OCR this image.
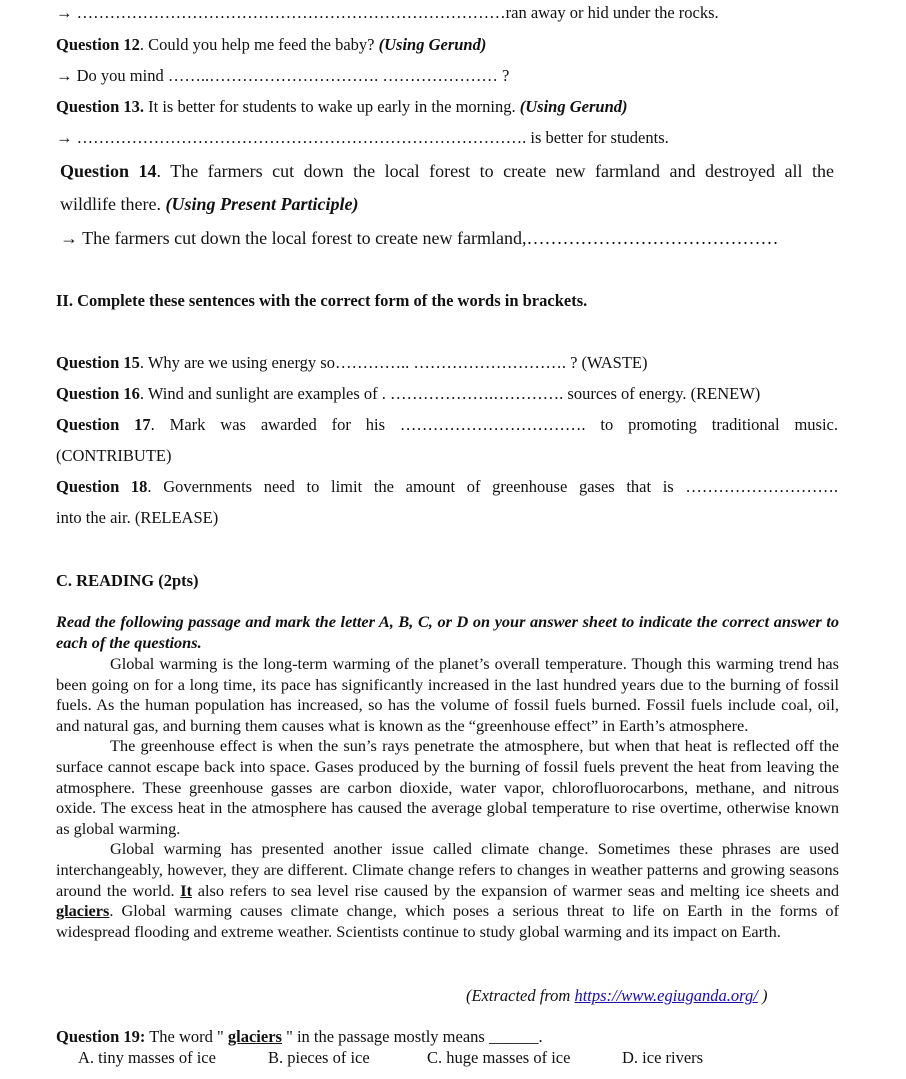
→ ……………………………………………………………………ran away or hid under the rocks.
Question 12. Could you help me feed the baby? (Using Gerund)
→ Do you mind ……..…………………………. ………………… ?
Question 13. It is better for students to wake up early in the morning. (Using Gerund)
→ ………………………………………………………………………. is better for students.
Question 14. The farmers cut down the local forest to create new farmland and destroyed all the
wildlife there. (Using Present Participle)
→ The farmers cut down the local forest to create new farmland,……………………………………
II. Complete these sentences with the correct form of the words in brackets.
Question 15. Why are we using energy so………….. ………………………. ? (WASTE)
Question 16. Wind and sunlight are examples of . ……………….…………. sources of energy. (RENEW)
Question 17. Mark was awarded for his ……………………………. to promoting traditional music.
(CONTRIBUTE)
Question 18. Governments need to limit the amount of greenhouse gases that is ……………………….
into the air. (RELEASE)
C. READING (2pts)
Read the following passage and mark the letter A, B, C, or D on your answer sheet to indicate the correct answer to each of the questions.

Global warming is the long-term warming of the planet’s overall temperature. Though this warming trend has been going on for a long time, its pace has significantly increased in the last hundred years due to the burning of fossil fuels. As the human population has increased, so has the volume of fossil fuels burned. Fossil fuels include coal, oil, and natural gas, and burning them causes what is known as the “greenhouse effect” in Earth’s atmosphere.

The greenhouse effect is when the sun’s rays penetrate the atmosphere, but when that heat is reflected off the surface cannot escape back into space. Gases produced by the burning of fossil fuels prevent the heat from leaving the atmosphere. These greenhouse gasses are carbon dioxide, water vapor, chlorofluorocarbons, methane, and nitrous oxide. The excess heat in the atmosphere has caused the average global temperature to rise overtime, otherwise known as global warming.

Global warming has presented another issue called climate change. Sometimes these phrases are used interchangeably, however, they are different. Climate change refers to changes in weather patterns and growing seasons around the world. It also refers to sea level rise caused by the expansion of warmer seas and melting ice sheets and glaciers. Global warming causes climate change, which poses a serious threat to life on Earth in the forms of widespread flooding and extreme weather. Scientists continue to study global warming and its impact on Earth.

(Extracted from https://www.egiuganda.org/ )
Question 19: The word " glaciers " in the passage mostly means ______.
A. tiny masses of ice	B. pieces of ice	C. huge masses of ice	D. ice rivers
